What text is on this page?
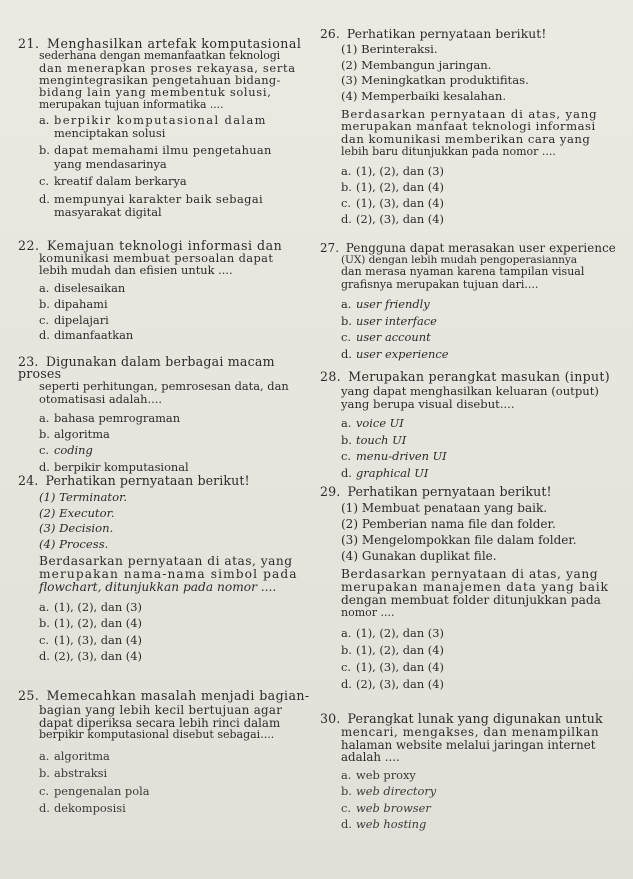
21. Menghasilkan artefak komputasional
sederhana dengan memanfaatkan teknologi
dan menerapkan proses rekayasa, serta
mengintegrasikan pengetahuan bidang-
bidang lain yang membentuk solusi,
merupakan tujuan informatika ....
a. berpikir komputasional dalam
menciptakan solusi
b. dapat memahami ilmu pengetahuan
yang mendasarinya
c. kreatif dalam berkarya
d. mempunyai karakter baik sebagai
masyarakat digital
22. Kemajuan teknologi informasi dan
komunikasi membuat persoalan dapat
lebih mudah dan efisien untuk ....
a. diselesaikan
b. dipahami
c. dipelajari
d. dimanfaatkan
23. Digunakan dalam berbagai macam proses
seperti perhitungan, pemrosesan data, dan
otomatisasi adalah....
a. bahasa pemrograman
b. algoritma
c. coding
d. berpikir komputasional
24. Perhatikan pernyataan berikut!
(1) Terminator.
(2) Executor.
(3) Decision.
(4) Process.
Berdasarkan pernyataan di atas, yang
merupakan nama-nama simbol pada
flowchart, ditunjukkan pada nomor ....
a. (1), (2), dan (3)
b. (1), (2), dan (4)
c. (1), (3), dan (4)
d. (2), (3), dan (4)
25. Memecahkan masalah menjadi bagian-
bagian yang lebih kecil bertujuan agar
dapat diperiksa secara lebih rinci dalam
berpikir komputasional disebut sebagai....
a. algoritma
b. abstraksi
c. pengenalan pola
d. dekomposisi
26. Perhatikan pernyataan berikut!
(1) Berinteraksi.
(2) Membangun jaringan.
(3) Meningkatkan produktifitas.
(4) Memperbaiki kesalahan.
Berdasarkan pernyataan di atas, yang
merupakan manfaat teknologi informasi
dan komunikasi memberikan cara yang
lebih baru ditunjukkan pada nomor ....
a. (1), (2), dan (3)
b. (1), (2), dan (4)
c. (1), (3), dan (4)
d. (2), (3), dan (4)
27. Pengguna dapat merasakan user experience
(UX) dengan lebih mudah pengoperasiannya
dan merasa nyaman karena tampilan visual
grafisnya merupakan tujuan dari....
a. user friendly
b. user interface
c. user account
d. user experience
28. Merupakan perangkat masukan (input)
yang dapat menghasilkan keluaran (output)
yang berupa visual disebut....
a. voice UI
b. touch UI
c. menu-driven UI
d. graphical UI
29. Perhatikan pernyataan berikut!
(1) Membuat penataan yang baik.
(2) Pemberian nama file dan folder.
(3) Mengelompokkan file dalam folder.
(4) Gunakan duplikat file.
Berdasarkan pernyataan di atas, yang
merupakan manajemen data yang baik
dengan membuat folder ditunjukkan pada
nomor ....
a. (1), (2), dan (3)
b. (1), (2), dan (4)
c. (1), (3), dan (4)
d. (2), (3), dan (4)
30. Perangkat lunak yang digunakan untuk
mencari, mengakses, dan menampilkan
halaman website melalui jaringan internet
adalah ....
a. web proxy
b. web directory
c. web browser
d. web hosting
